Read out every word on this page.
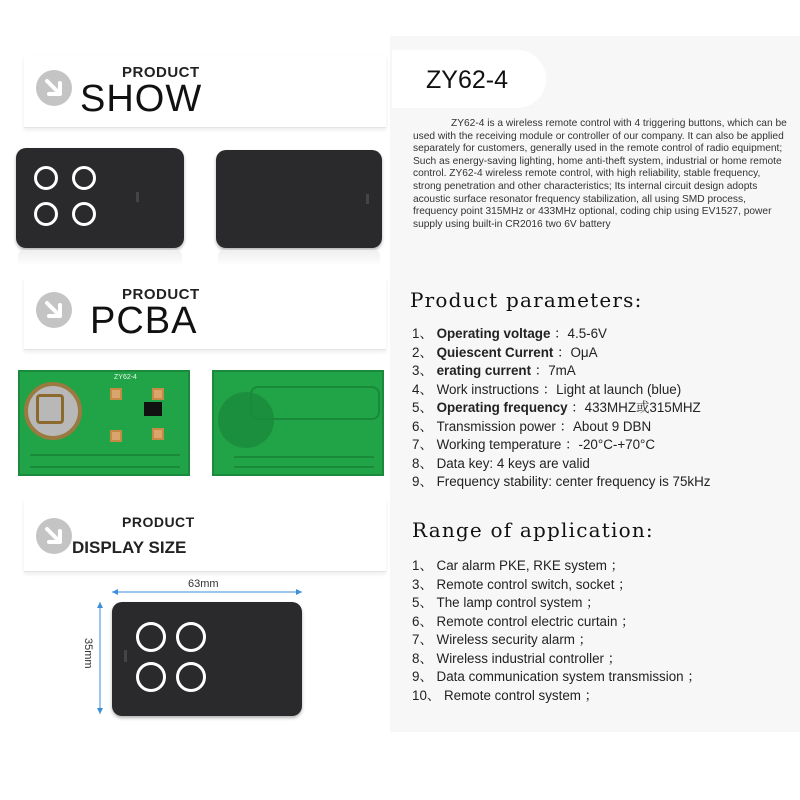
PRODUCT
SHOW
PRODUCT
PCBA
ZY62-4
PRODUCT
DISPLAY SIZE
63mm
35mm
ZY62-4
ZY62-4 is a wireless remote control with 4 triggering buttons, which can be used with the receiving module or controller of our company. It can also be applied separately for customers, generally used in the remote control of radio equipment; Such as energy-saving lighting, home anti-theft system, industrial or home remote control. ZY62-4 wireless remote control, with high reliability, stable frequency, strong penetration and other characteristics; Its internal circuit design adopts acoustic surface resonator frequency stabilization, all using SMD process, frequency point 315MHz or 433MHz optional, coding chip using EV1527, power supply using built-in CR2016 two 6V battery
Product parameters:
1、 Operating voltage ：4.5-6V
2、 Quiescent Current ：OμA
3、 erating current ：7mA
4、 Work instructions ：Light at launch (blue)
5、 Operating frequency ：433MHZ或315MHZ
6、 Transmission power ：About 9 DBN
7、 Working temperature ：-20°C-+70°C
8、 Data key: 4 keys are valid
9、 Frequency stability: center frequency is 75kHz
Range of application:
1、 Car alarm PKE, RKE system ；
3、 Remote control switch, socket ；
5、 The lamp control system ；
6、 Remote control electric curtain ；
7、 Wireless security alarm ；
8、 Wireless industrial controller ；
9、 Data communication system transmission ；
10、 Remote control system ；
